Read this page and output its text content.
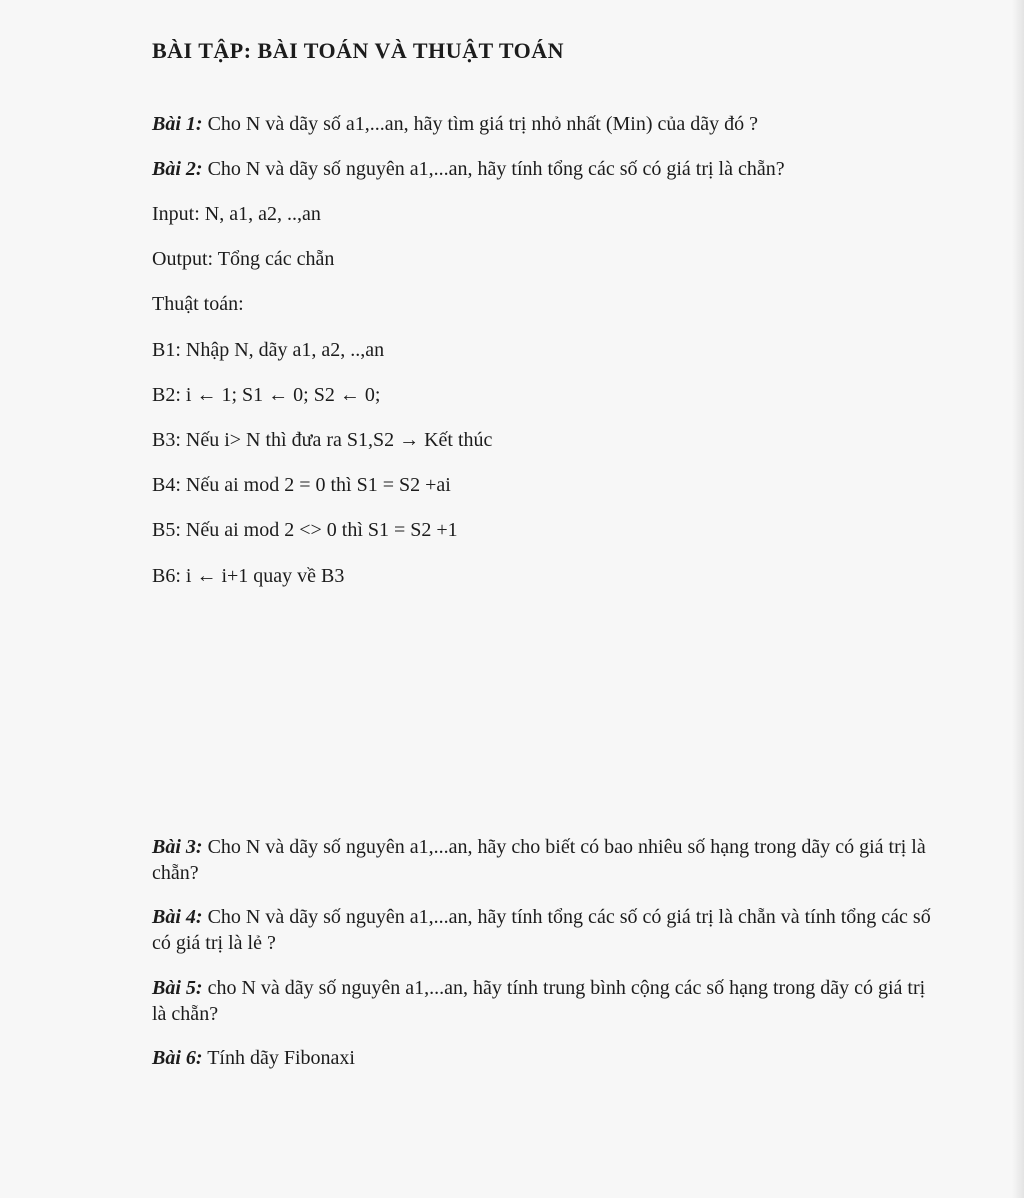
BÀI TẬP: BÀI TOÁN VÀ THUẬT TOÁN

Bài 1: Cho N và dãy số a1,...an, hãy tìm giá trị nhỏ nhất (Min) của dãy đó ?

Bài 2: Cho N và dãy số nguyên a1,...an, hãy tính tổng các số có giá trị là chẵn?

Input: N, a1, a2, ..,an

Output: Tổng các chẵn

Thuật toán:

B1: Nhập N, dãy a1, a2, ..,an

B2: i ← 1; S1 ← 0; S2 ← 0;

B3: Nếu i> N thì đưa ra S1,S2 → Kết thúc

B4: Nếu ai mod 2 = 0 thì S1 = S2 +ai

B5: Nếu ai mod 2 <> 0 thì S1 = S2 +1

B6: i ← i+1 quay về B3

Bài 3: Cho N và dãy số nguyên a1,...an, hãy cho biết có bao nhiêu số hạng trong dãy có giá trị là chẵn?

Bài 4: Cho N và dãy số nguyên a1,...an, hãy tính tổng các số có giá trị là chẵn và tính tổng các số có giá trị là lẻ ?

Bài 5: cho N và dãy số nguyên a1,...an, hãy tính trung bình cộng các số hạng trong dãy có giá trị là chẵn?

Bài 6: Tính dãy Fibonaxi
